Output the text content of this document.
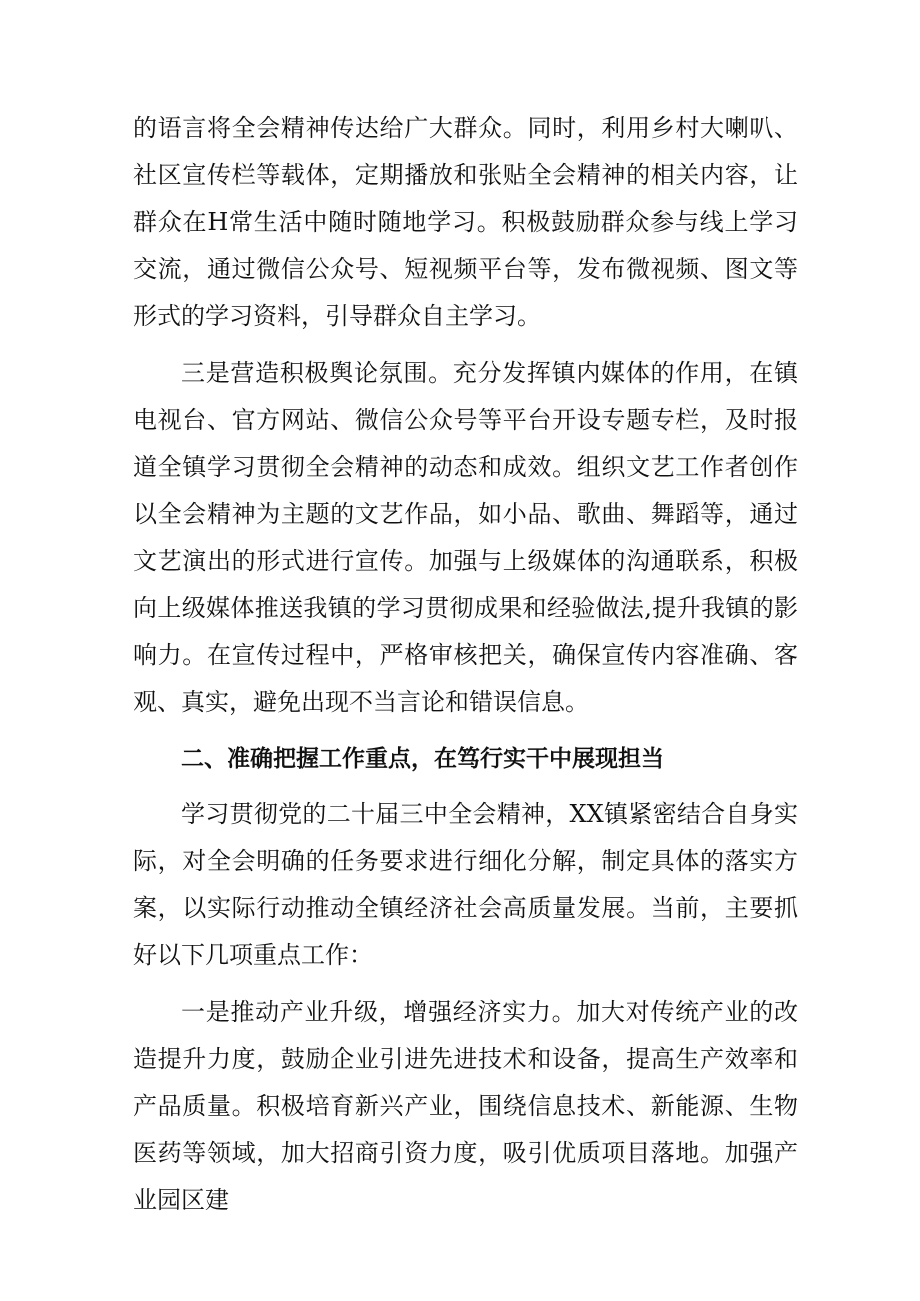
的语言将全会精神传达给广大群众。同时，利用乡村大喇叭、社区宣传栏等载体，定期播放和张贴全会精神的相关内容，让群众在H常生活中随时随地学习。积极鼓励群众参与线上学习交流，通过微信公众号、短视频平台等，发布微视频、图文等形式的学习资料，引导群众自主学习。

三是营造积极舆论氛围。充分发挥镇内媒体的作用，在镇电视台、官方网站、微信公众号等平台开设专题专栏，及时报道全镇学习贯彻全会精神的动态和成效。组织文艺工作者创作以全会精神为主题的文艺作品，如小品、歌曲、舞蹈等，通过文艺演出的形式进行宣传。加强与上级媒体的沟通联系，积极向上级媒体推送我镇的学习贯彻成果和经验做法,提升我镇的影响力。在宣传过程中，严格审核把关，确保宣传内容准确、客观、真实，避免出现不当言论和错误信息。

二、准确把握工作重点，在笃行实干中展现担当

学习贯彻党的二十届三中全会精神，XX镇紧密结合自身实际，对全会明确的任务要求进行细化分解，制定具体的落实方案，以实际行动推动全镇经济社会高质量发展。当前，主要抓好以下几项重点工作：

一是推动产业升级，增强经济实力。加大对传统产业的改造提升力度，鼓励企业引进先进技术和设备，提高生产效率和产品质量。积极培育新兴产业，围绕信息技术、新能源、生物医药等领域，加大招商引资力度，吸引优质项目落地。加强产业园区建
